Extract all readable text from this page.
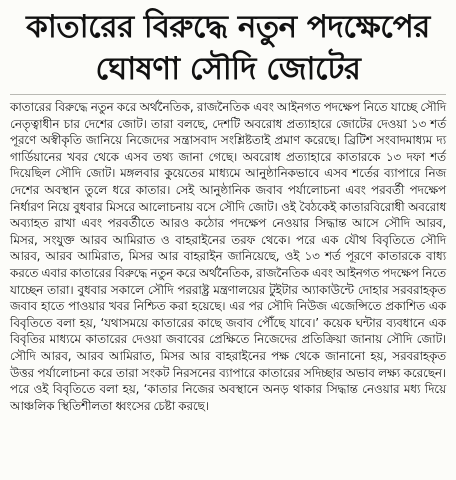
কাতারের বিরুদ্ধে নতুন পদক্ষেপের
ঘোষণা সৌদি জোটের

কাতারের বিরুদ্ধে নতুন করে অর্থনৈতিক, রাজনৈতিক এবং আইনগত পদক্ষেপ নিতে যাচ্ছে সৌদি নেতৃত্বাধীন চার দেশের জোট। তারা বলছে, দেশটি অবরোধ প্রত্যাহারে জোটের দেওয়া ১৩ শর্ত পূরণে অস্বীকৃতি জানিয়ে নিজেদের সন্ত্রাসবাদ সংশ্লিষ্টতাই প্রমাণ করেছে। ব্রিটিশ সংবাদমাধ্যম দ্য গার্ডিয়ানের খবর থেকে এসব তথ্য জানা গেছে। অবরোধ প্রত্যাহারে কাতারকে ১৩ দফা শর্ত দিয়েছিল সৌদি জোট। মঙ্গলবার কুয়েতের মাধ্যমে আনুষ্ঠানিকভাবে এসব শর্তের ব্যাপারে নিজ দেশের অবস্থান তুলে ধরে কাতার। সেই আনুষ্ঠানিক জবাব পর্যালোচনা এবং পরবর্তী পদক্ষেপ নির্ধারণ নিয়ে বুধবার মিসরে আলোচনায় বসে সৌদি জোট। ওই বৈঠকেই কাতারবিরোধী অবরোধ অব্যাহত রাখা এবং পরবর্তীতে আরও কঠোর পদক্ষেপ নেওয়ার সিদ্ধান্ত আসে সৌদি আরব, মিসর, সংযুক্ত আরব আমিরাত ও বাহরাইনের তরফ থেকে। পরে এক যৌথ বিবৃতিতে সৌদি আরব, আরব আমিরাত, মিসর আর বাহরাইন জানিয়েছে, ওই ১৩ শর্ত পূরণে কাতারকে বাধ্য করতে এবার কাতারের বিরুদ্ধে নতুন করে অর্থনৈতিক, রাজনৈতিক এবং আইনগত পদক্ষেপ নিতে যাচ্ছেন তারা। বুধবার সকালে সৌদি পররাষ্ট্র মন্ত্রণালয়ের টুইটার অ্যাকাউন্টে দোহার সরবরাহকৃত জবাব হাতে পাওয়ার খবর নিশ্চিত করা হয়েছে। এর পর সৌদি নিউজ এজেন্সিতে প্রকাশিত এক বিবৃতিতে বলা হয়, ‘যথাসময়ে কাতারের কাছে জবাব পৌঁছে যাবে।’ কয়েক ঘন্টার ব্যবধানে এক বিবৃতির মাধ্যমে কাতারের দেওয়া জবাবের প্রেক্ষিতে নিজেদের প্রতিক্রিয়া জানায় সৌদি জোট। সৌদি আরব, আরব আমিরাত, মিসর আর বাহরাইনের পক্ষ থেকে জানানো হয়, সরবরাহকৃত উত্তর পর্যালোচনা করে তারা সংকট নিরসনের ব্যাপারে কাতারের সদিচ্ছার অভাব লক্ষ্য করেছেন। পরে ওই বিবৃতিতে বলা হয়, ‘কাতার নিজের অবস্থানে অনড় থাকার সিদ্ধান্ত নেওয়ার মধ্য দিয়ে আঞ্চলিক স্থিতিশীলতা ধ্বংসের চেষ্টা করছে।
